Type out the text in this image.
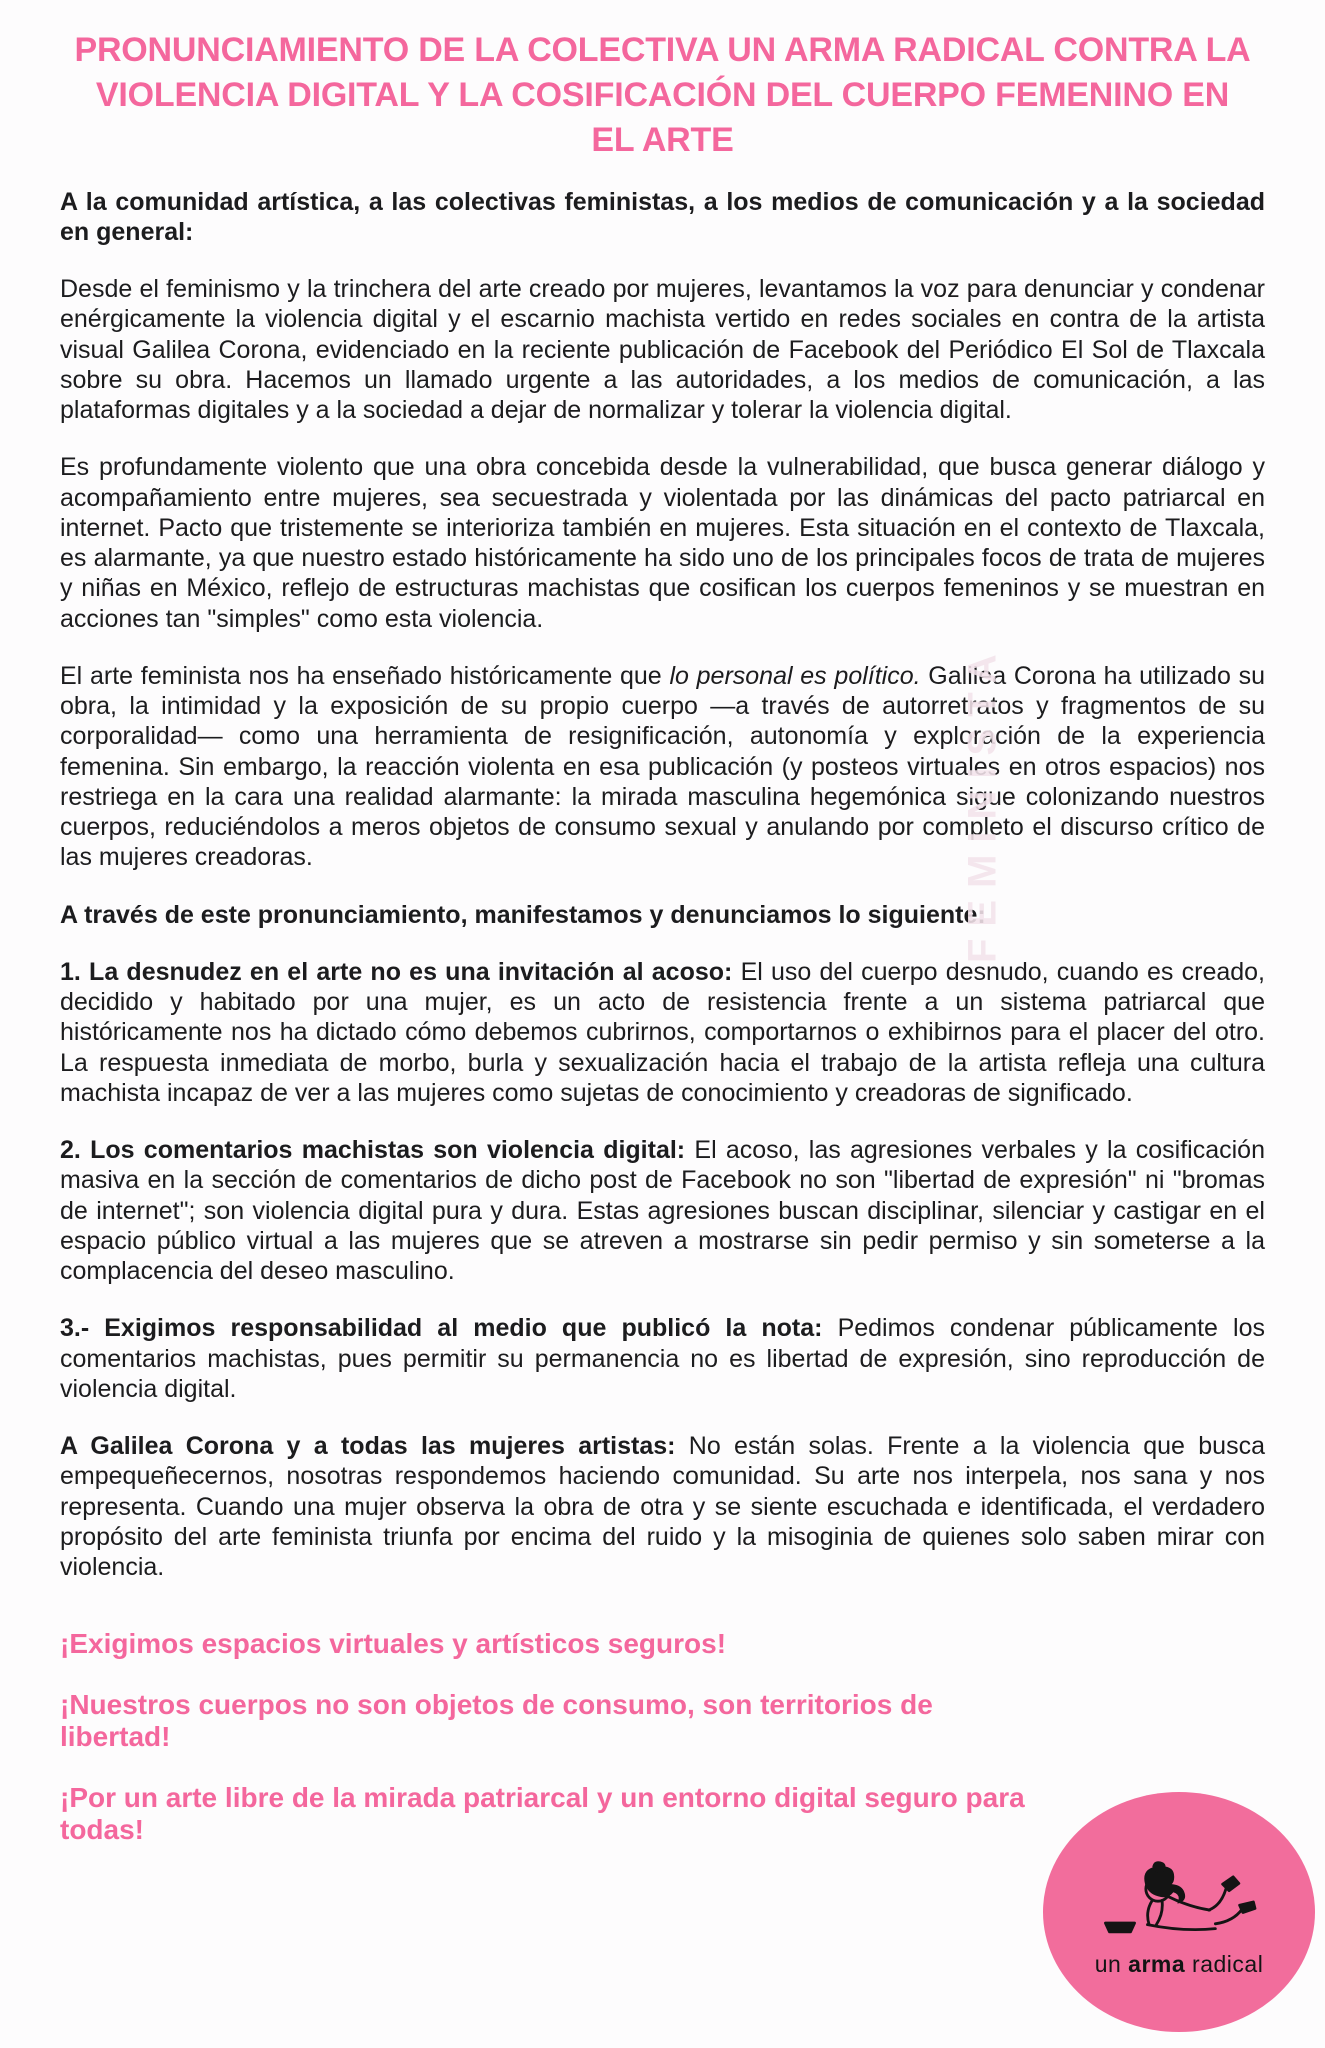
PRONUNCIAMIENTO DE LA COLECTIVA UN ARMA RADICAL CONTRA LA VIOLENCIA DIGITAL Y LA COSIFICACIÓN DEL CUERPO FEMENINO EN EL ARTE

A la comunidad artística, a las colectivas feministas, a los medios de comunicación y a la sociedad en general:

Desde el feminismo y la trinchera del arte creado por mujeres, levantamos la voz para denunciar y condenar enérgicamente la violencia digital y el escarnio machista vertido en redes sociales en contra de la artista visual Galilea Corona, evidenciado en la reciente publicación de Facebook del Periódico El Sol de Tlaxcala sobre su obra. Hacemos un llamado urgente a las autoridades, a los medios de comunicación, a las plataformas digitales y a la sociedad a dejar de normalizar y tolerar la violencia digital.

Es profundamente violento que una obra concebida desde la vulnerabilidad, que busca generar diálogo y acompañamiento entre mujeres, sea secuestrada y violentada por las dinámicas del pacto patriarcal en internet. Pacto que tristemente se interioriza también en mujeres. Esta situación en el contexto de Tlaxcala, es alarmante, ya que nuestro estado históricamente ha sido uno de los principales focos de trata de mujeres y niñas en México, reflejo de estructuras machistas que cosifican los cuerpos femeninos y se muestran en acciones tan "simples" como esta violencia.

El arte feminista nos ha enseñado históricamente que lo personal es político. Galilea Corona ha utilizado su obra, la intimidad y la exposición de su propio cuerpo —a través de autorretratos y fragmentos de su corporalidad— como una herramienta de resignificación, autonomía y exploración de la experiencia femenina. Sin embargo, la reacción violenta en esa publicación (y posteos virtuales en otros espacios) nos restriega en la cara una realidad alarmante: la mirada masculina hegemónica sigue colonizando nuestros cuerpos, reduciéndolos a meros objetos de consumo sexual y anulando por completo el discurso crítico de las mujeres creadoras.

A través de este pronunciamiento, manifestamos y denunciamos lo siguiente:

1. La desnudez en el arte no es una invitación al acoso: El uso del cuerpo desnudo, cuando es creado, decidido y habitado por una mujer, es un acto de resistencia frente a un sistema patriarcal que históricamente nos ha dictado cómo debemos cubrirnos, comportarnos o exhibirnos para el placer del otro. La respuesta inmediata de morbo, burla y sexualización hacia el trabajo de la artista refleja una cultura machista incapaz de ver a las mujeres como sujetas de conocimiento y creadoras de significado.

2. Los comentarios machistas son violencia digital: El acoso, las agresiones verbales y la cosificación masiva en la sección de comentarios de dicho post de Facebook no son "libertad de expresión" ni "bromas de internet"; son violencia digital pura y dura. Estas agresiones buscan disciplinar, silenciar y castigar en el espacio público virtual a las mujeres que se atreven a mostrarse sin pedir permiso y sin someterse a la complacencia del deseo masculino.

3.- Exigimos responsabilidad al medio que publicó la nota: Pedimos condenar públicamente los comentarios machistas, pues permitir su permanencia no es libertad de expresión, sino reproducción de violencia digital.

A Galilea Corona y a todas las mujeres artistas: No están solas. Frente a la violencia que busca empequeñecernos, nosotras respondemos haciendo comunidad. Su arte nos interpela, nos sana y nos representa. Cuando una mujer observa la obra de otra y se siente escuchada e identificada, el verdadero propósito del arte feminista triunfa por encima del ruido y la misoginia de quienes solo saben mirar con violencia.

FEMINISTA

¡Exigimos espacios virtuales y artísticos seguros!

¡Nuestros cuerpos no son objetos de consumo, son territorios de libertad!

¡Por un arte libre de la mirada patriarcal y un entorno digital seguro para todas!

un arma radical
